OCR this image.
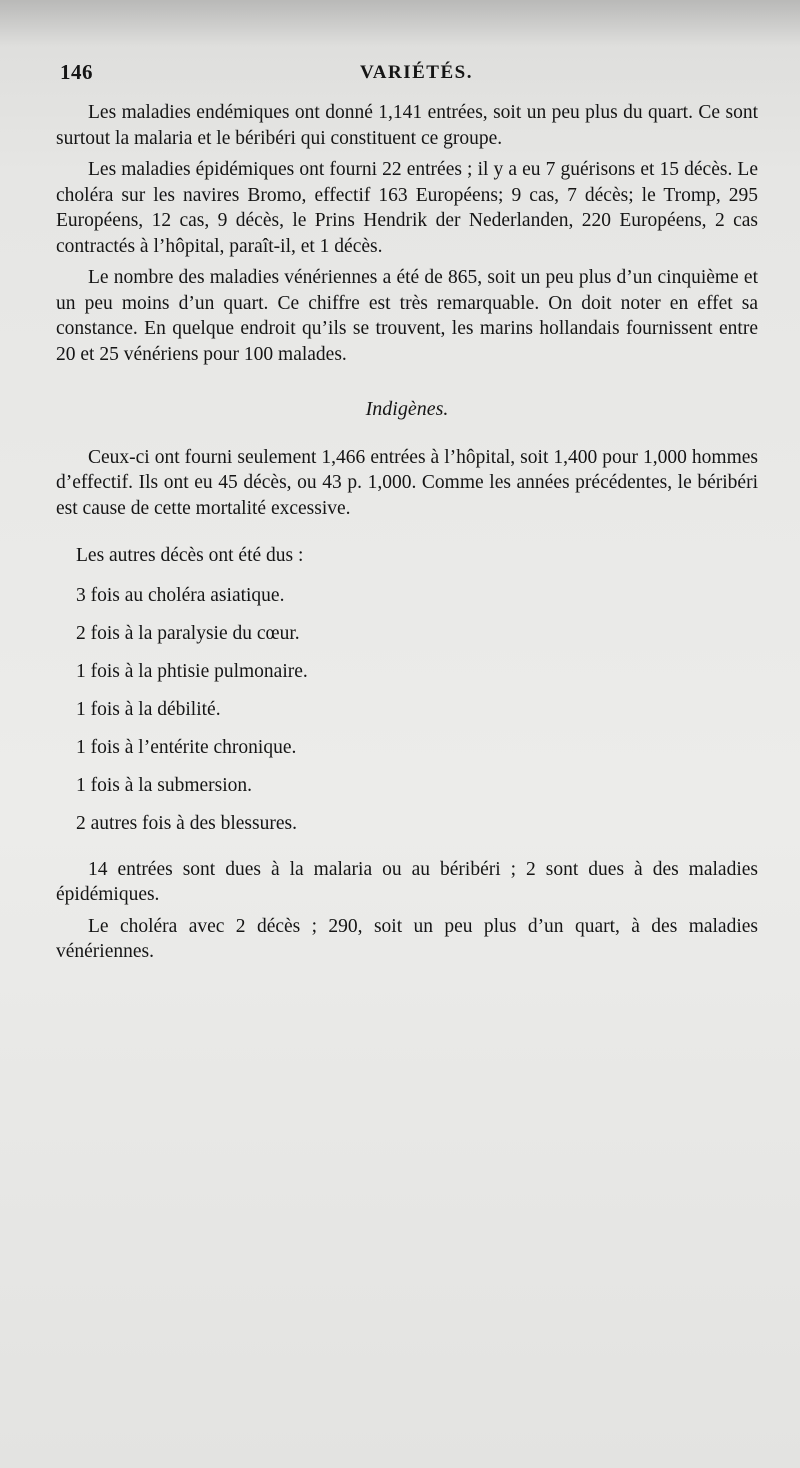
146	VARIÉTÉS.

Les maladies endémiques ont donné 1,141 entrées, soit un peu plus du quart. Ce sont surtout la malaria et le béribéri qui constituent ce groupe.

Les maladies épidémiques ont fourni 22 entrées ; il y a eu 7 guérisons et 15 décès. Le choléra sur les navires Bromo, effectif 163 Européens; 9 cas, 7 décès; le Tromp, 295 Européens, 12 cas, 9 décès, le Prins Hendrik der Nederlanden, 220 Européens, 2 cas contractés à l’hôpital, paraît-il, et 1 décès.

Le nombre des maladies vénériennes a été de 865, soit un peu plus d’un cinquième et un peu moins d’un quart. Ce chiffre est très remarquable. On doit noter en effet sa constance. En quelque endroit qu’ils se trouvent, les marins hollandais fournissent entre 20 et 25 vénériens pour 100 malades.

Indigènes.

Ceux-ci ont fourni seulement 1,466 entrées à l’hôpital, soit 1,400 pour 1,000 hommes d’effectif. Ils ont eu 45 décès, ou 43 p. 1,000. Comme les années précédentes, le béribéri est cause de cette mortalité excessive.

Les autres décès ont été dus :

3 fois au choléra asiatique.
2 fois à la paralysie du cœur.
1 fois à la phtisie pulmonaire.
1 fois à la débilité.
1 fois à l’entérite chronique.
1 fois à la submersion.
2 autres fois à des blessures.

14 entrées sont dues à la malaria ou au béribéri ; 2 sont dues à des maladies épidémiques.

Le choléra avec 2 décès ; 290, soit un peu plus d’un quart, à des maladies vénériennes.
